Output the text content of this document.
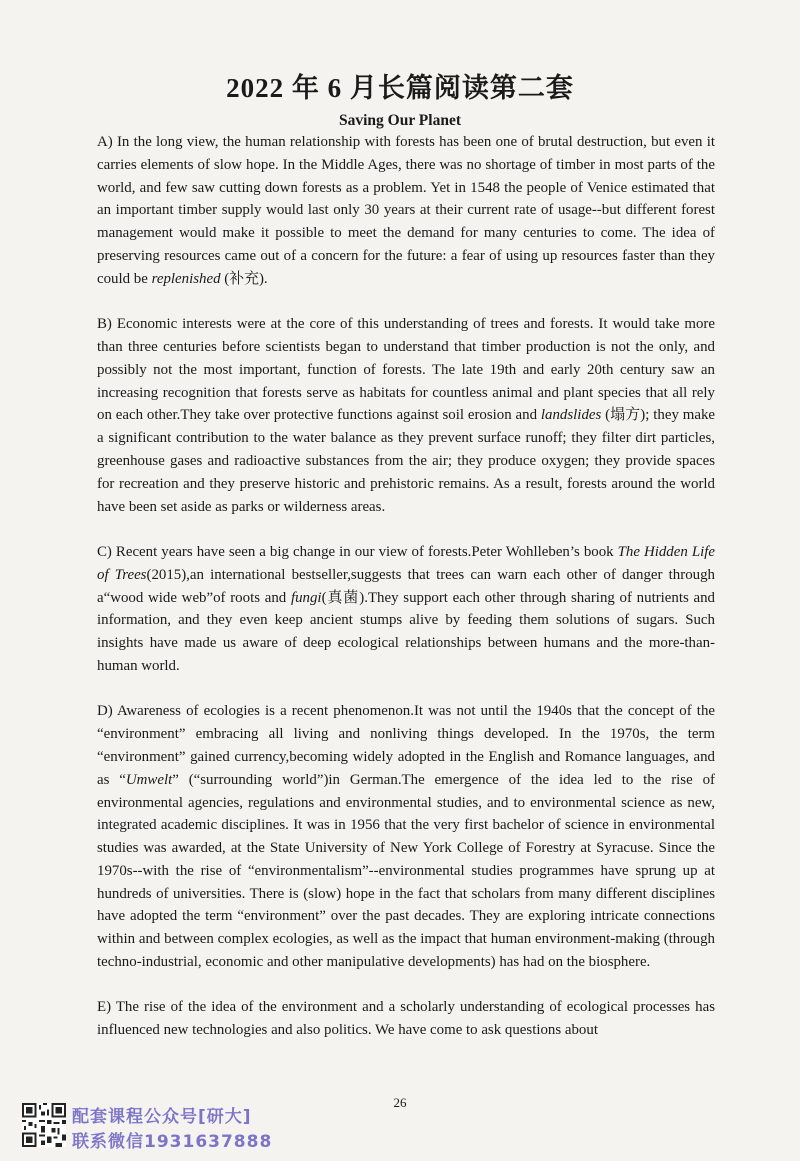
2022 年 6 月长篇阅读第二套
Saving Our Planet

A) In the long view, the human relationship with forests has been one of brutal destruction, but even it carries elements of slow hope. In the Middle Ages, there was no shortage of timber in most parts of the world, and few saw cutting down forests as a problem. Yet in 1548 the people of Venice estimated that an important timber supply would last only 30 years at their current rate of usage--but different forest management would make it possible to meet the demand for many centuries to come. The idea of preserving resources came out of a concern for the future: a fear of using up resources faster than they could be replenished (补充).

B) Economic interests were at the core of this understanding of trees and forests. It would take more than three centuries before scientists began to understand that timber production is not the only, and possibly not the most important, function of forests. The late 19th and early 20th century saw an increasing recognition that forests serve as habitats for countless animal and plant species that all rely on each other.They take over protective functions against soil erosion and landslides (塌方); they make a significant contribution to the water balance as they prevent surface runoff; they filter dirt particles, greenhouse gases and radioactive substances from the air; they produce oxygen; they provide spaces for recreation and they preserve historic and prehistoric remains. As a result, forests around the world have been set aside as parks or wilderness areas.

C) Recent years have seen a big change in our view of forests.Peter Wohlleben’s book The Hidden Life of Trees(2015),an international bestseller,suggests that trees can warn each other of danger through a“wood wide web”of roots and fungi(真菌).They support each other through sharing of nutrients and information, and they even keep ancient stumps alive by feeding them solutions of sugars. Such insights have made us aware of deep ecological relationships between humans and the more-than-human world.

D) Awareness of ecologies is a recent phenomenon.It was not until the 1940s that the concept of the “environment” embracing all living and nonliving things developed. In the 1970s, the term “environment” gained currency,becoming widely adopted in the English and Romance languages, and as “Umwelt” (“surrounding world”)in German.The emergence of the idea led to the rise of environmental agencies, regulations and environmental studies, and to environmental science as new, integrated academic disciplines. It was in 1956 that the very first bachelor of science in environmental studies was awarded, at the State University of New York College of Forestry at Syracuse. Since the 1970s--with the rise of “environmentalism”--environmental studies programmes have sprung up at hundreds of universities. There is (slow) hope in the fact that scholars from many different disciplines have adopted the term “environment” over the past decades. They are exploring intricate connections within and between complex ecologies, as well as the impact that human environment-making (through techno-industrial, economic and other manipulative developments) has had on the biosphere.

E) The rise of the idea of the environment and a scholarly understanding of ecological processes has influenced new technologies and also politics. We have come to ask questions about

26
配套课程公众号[研大]
联系微信1931637888
